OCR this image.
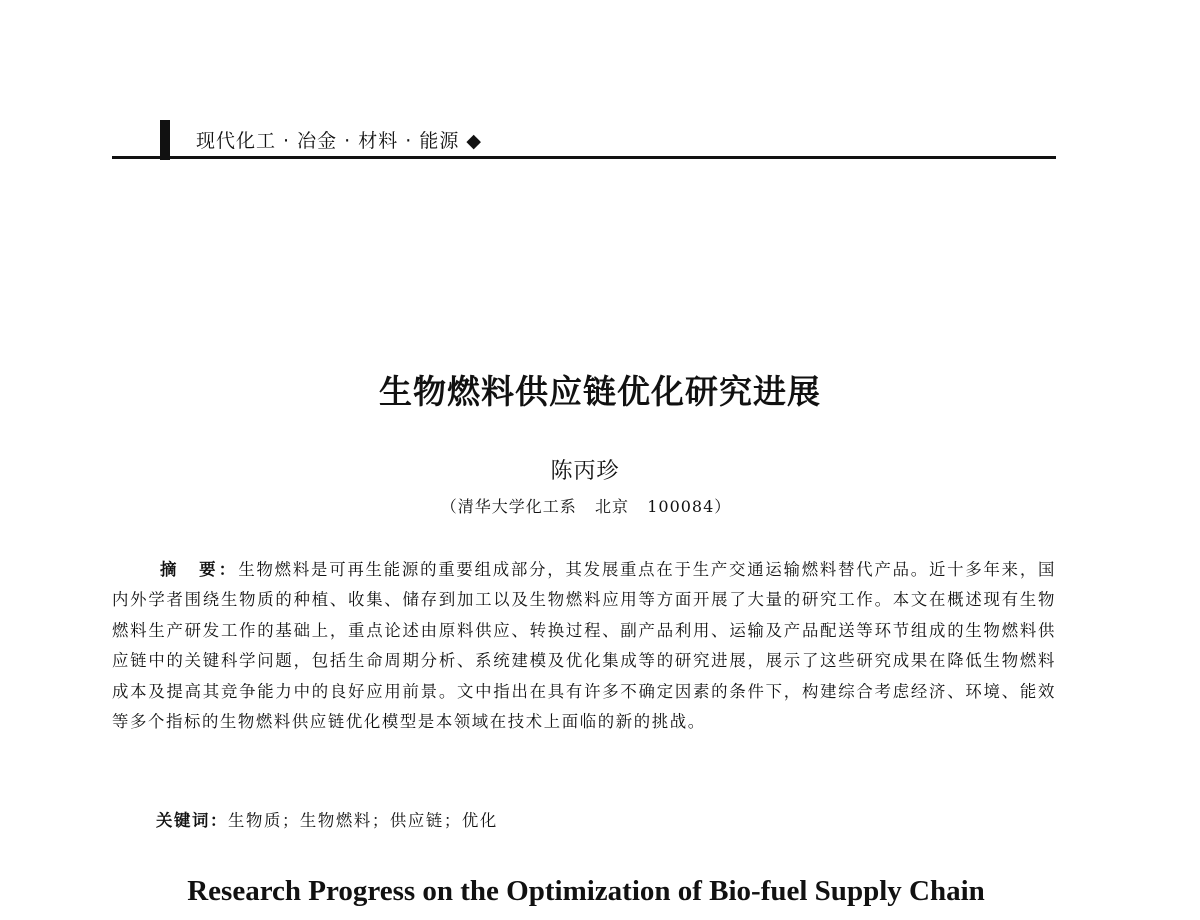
现代化工 · 冶金 · 材料 · 能源 ◆
生物燃料供应链优化研究进展
陈丙珍
（清华大学化工系   北京   100084）

摘　要：生物燃料是可再生能源的重要组成部分，其发展重点在于生产交通运输燃料替代产品。近十多年来，国内外学者围绕生物质的种植、收集、储存到加工以及生物燃料应用等方面开展了大量的研究工作。本文在概述现有生物燃料生产研发工作的基础上，重点论述由原料供应、转换过程、副产品利用、运输及产品配送等环节组成的生物燃料供应链中的关键科学问题，包括生命周期分析、系统建模及优化集成等的研究进展，展示了这些研究成果在降低生物燃料成本及提高其竞争能力中的良好应用前景。文中指出在具有许多不确定因素的条件下，构建综合考虑经济、环境、能效等多个指标的生物燃料供应链优化模型是本领域在技术上面临的新的挑战。

关键词：生物质；生物燃料；供应链；优化
Research Progress on the Optimization of Bio-fuel Supply Chain
